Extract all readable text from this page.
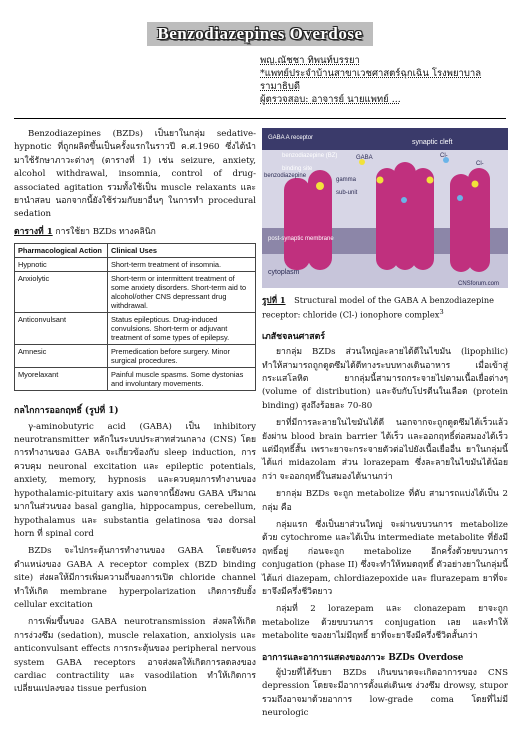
Benzodiazepines Overdose
พญ.ณัชชา ทิพนท์บรรยา
*แพทย์ประจำบ้านสาขาเวชศาสตร์ฉุกเฉิน โรงพยาบาลรามาธิบดี
ผู้ตรวจสอบ: อาจารย์ นายแพทย์ ...

Benzodiazepines (BZDs) เป็นยาในกลุ่ม sedative-hypnotic ที่ถูกผลิตขึ้นเป็นครั้งแรกในราวปี ค.ศ.1960 ซึ่งได้นำมาใช้รักษาภาวะต่างๆ (ตารางที่ 1) เช่น seizure, anxiety, alcohol withdrawal, insomnia, control of drug-associated agitation รวมทั้งใช้เป็น muscle relaxants และยานำสลบ นอกจากนี้ยังใช้ร่วมกับยาอื่นๆ ในการทำ procedural sedation

ตารางที่ 1 การใช้ยา BZDs ทางคลินิก
Pharmacological Action	Clinical Uses
Hypnotic	Short-term treatment of insomnia.
Anxiolytic	Short-term or intermittent treatment of some anxiety disorders. Short-term aid to alcohol/other CNS depressant drug withdrawal.
Anticonvulsant	Status epilepticus. Drug-induced convulsions. Short-term or adjuvant treatment of some types of epilepsy.
Amnesic	Premedication before surgery. Minor surgical procedures.
Myorelaxant	Painful muscle spasms. Some dystonias and involuntary movements.
กลไกการออกฤทธิ์ (รูปที่ 1)

γ-aminobutyric acid (GABA) เป็น inhibitory neurotransmitter หลักในระบบประสาทส่วนกลาง (CNS) โดยการทำงานของ GABA จะเกี่ยวข้องกับ sleep induction, การควบคุม neuronal excitation และ epileptic potentials, anxiety, memory, hypnosis และควบคุมการทำงานของ hypothalamic-pituitary axis นอกจากนี้ยังพบ GABA ปริมาณมากในส่วนของ basal ganglia, hippocampus, cerebellum, hypothalamus และ substantia gelatinosa ของ dorsal horn ที่ spinal cord

BZDs จะไปกระตุ้นการทำงานของ GABA โดยจับตรงตำแหน่งของ GABA A receptor complex (BZD binding site) ส่งผลให้มีการเพิ่มความถี่ของการเปิด chloride channel ทำให้เกิด membrane hyperpolarization เกิดการยับยั้ง cellular excitation

การเพิ่มขึ้นของ GABA neurotransmission ส่งผลให้เกิดการง่วงซึม (sedation), muscle relaxation, anxiolysis และ anticonvulsant effects การกระตุ้นของ peripheral nervous system GABA receptors อาจส่งผลให้เกิดการลดลงของ cardiac contractility และ vasodilation ทำให้เกิดการเปลี่ยนแปลงของ tissue perfusion

GABA A receptor
benzodiazepine (BZ) binding site
benzodiazepine
gamma sub-unit
synaptic cleft
GABA	Cl-
Cl-
post-synaptic membrane
cytoplasm
CNSforum.com
รูปที่ 1 Structural model of the GABA A benzodiazepine receptor: chloride (Cl-) ionophore complex$^3$
เภสัชจลนศาสตร์

ยากลุ่ม BZDs ส่วนใหญ่ละลายได้ดีในไขมัน (lipophilic) ทำให้สามารถถูกดูดซึมได้ดีทางระบบทางเดินอาหาร เมื่อเข้าสู่กระแสโลหิต ยากลุ่มนี้สามารถกระจายไปตามเนื้อเยื่อต่างๆ (volume of distribution) และจับกับโปรตีนในเลือด (protein binding) สูงถึงร้อยละ 70-80

ยาที่มีการละลายในไขมันได้ดี นอกจากจะถูกดูดซึมได้เร็วแล้ว ยังผ่าน blood brain barrier ได้เร็ว และออกฤทธิ์ต่อสมองได้เร็วแต่มีฤทธิ์สั้น เพราะยาจะกระจายตัวต่อไปยังเนื้อเยื่ออื่น ยาในกลุ่มนี้ได้แก่ midazolam ส่วน lorazepam ซึ่งละลายในไขมันได้น้อยกว่า จะออกฤทธิ์ในสมองได้นานกว่า

ยากลุ่ม BZDs จะถูก metabolize ที่ตับ สามารถแบ่งได้เป็น 2 กลุ่ม คือ

กลุ่มแรก ซึ่งเป็นยาส่วนใหญ่ จะผ่านขบวนการ metabolize ด้วย cytochrome และได้เป็น intermediate metabolite ที่ยังมีฤทธิ์อยู่ ก่อนจะถูก metabolize อีกครั้งด้วยขบวนการ conjugation (phase II) ซึ่งจะทำให้หมดฤทธิ์ ตัวอย่างยาในกลุ่มนี้ ได้แก่ diazepam, chlordiazepoxide และ flurazepam ยาที่จะยาจึงมีครึ่งชีวิตยาว

กลุ่มที่ 2 lorazepam และ clonazepam ยาจะถูก metabolize ด้วยขบวนการ conjugation เลย และทำให้ metabolite ของยาไม่มีฤทธิ์ ยาที่จะยาจึงมีครึ่งชีวิตสั้นกว่า

อาการและอาการแสดงของภาวะ BZDs Overdose

ผู้ป่วยที่ได้รับยา BZDs เกินขนาดจะเกิดอาการของ CNS depression โดยจะมีอาการตั้งแต่เดินเซ ง่วงซึม drowsy, stupor รวมถึงอาจมาด้วยอาการ low-grade coma โดยที่ไม่มี neurologic
